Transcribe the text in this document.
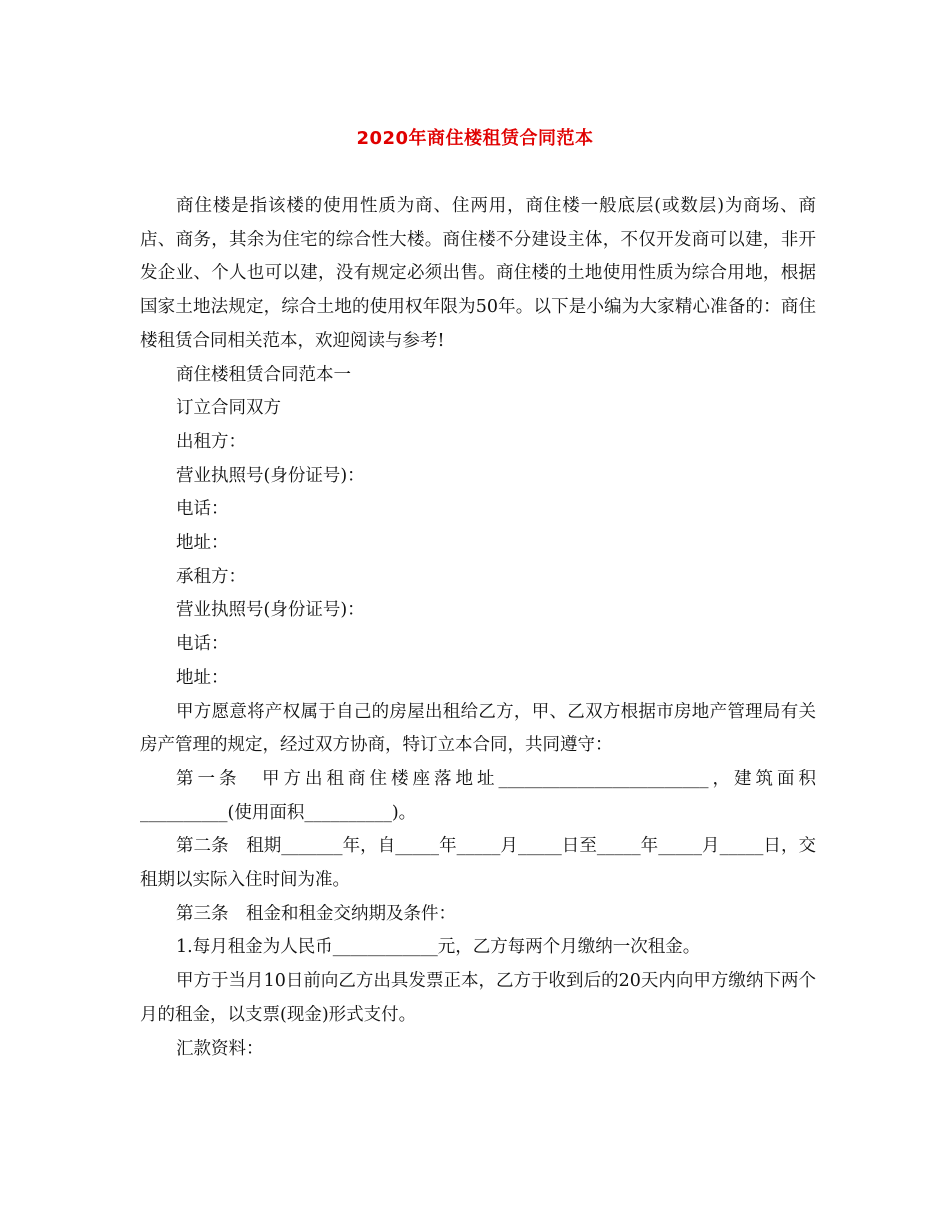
2020年商住楼租赁合同范本

商住楼是指该楼的使用性质为商、住两用，商住楼一般底层(或数层)为商场、商店、商务，其余为住宅的综合性大楼。商住楼不分建设主体，不仅开发商可以建，非开发企业、个人也可以建，没有规定必须出售。商住楼的土地使用性质为综合用地，根据国家土地法规定，综合土地的使用权年限为50年。以下是小编为大家精心准备的：商住楼租赁合同相关范本，欢迎阅读与参考!

商住楼租赁合同范本一

订立合同双方

出租方：

营业执照号(身份证号)：

电话：

地址：

承租方：

营业执照号(身份证号)：

电话：

地址：

甲方愿意将产权属于自己的房屋出租给乙方，甲、乙双方根据市房地产管理局有关房产管理的规定，经过双方协商，特订立本合同，共同遵守：

第一条　甲方出租商住楼座落地址________________________，建筑面积__________(使用面积__________)。

第二条　租期_______年，自_____年_____月_____日至_____年_____月_____日，交租期以实际入住时间为准。

第三条　租金和租金交纳期及条件：

1.每月租金为人民币____________元，乙方每两个月缴纳一次租金。

甲方于当月10日前向乙方出具发票正本，乙方于收到后的20天内向甲方缴纳下两个月的租金，以支票(现金)形式支付。

汇款资料：
